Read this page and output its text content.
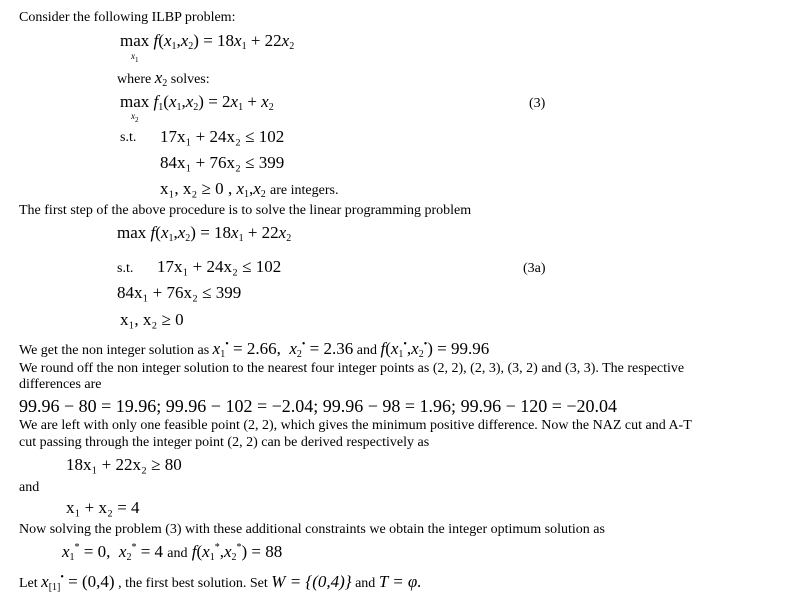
Consider the following ILBP problem:
$\max f(x_1,x_2) = 18x_1 + 22x_2$
$x_1$
where $x_2$ solves:
$\max f_1(x_1,x_2) = 2x_1 + x_2$
$x_2$
(3)
s.t. 17x₁ + 24x₂ ≤ 102
84x₁ + 76x₂ ≤ 399
x₁, x₂ ≥ 0 , $x_1,x_2$ are integers.
The first step of the above procedure is to solve the linear programming problem
$\max f(x_1,x_2) = 18x_1 + 22x_2$
s.t. 17x₁ + 24x₂ ≤ 102	(3a)
84x₁ + 76x₂ ≤ 399
x₁, x₂ ≥ 0
We get the non integer solution as $x_1^• = 2.66$,  $x_2^• = 2.36$ and $f(x_1^•,x_2^•) = 99.96$
We round off the non integer solution to the nearest four integer points as (2, 2), (2, 3), (3, 2) and (3, 3). The respective
differences are
99.96 − 80 = 19.96; 99.96 − 102 = −2.04; 99.96 − 98 = 1.96; 99.96 − 120 = −20.04
We are left with only one feasible point (2, 2), which gives the minimum positive difference. Now the NAZ cut and A-T
cut passing through the integer point (2, 2) can be derived respectively as
18x₁ + 22x₂ ≥ 80
and
x₁ + x₂ = 4
Now solving the problem (3) with these additional constraints we obtain the integer optimum solution as
$x_1^* = 0$,  $x_2^* = 4$ and $f(x_1^*,x_2^*) = 88$
Let $x_{[1]}^• = (0,4)$ , the first best solution. Set W = {(0,4)} and T = φ.
